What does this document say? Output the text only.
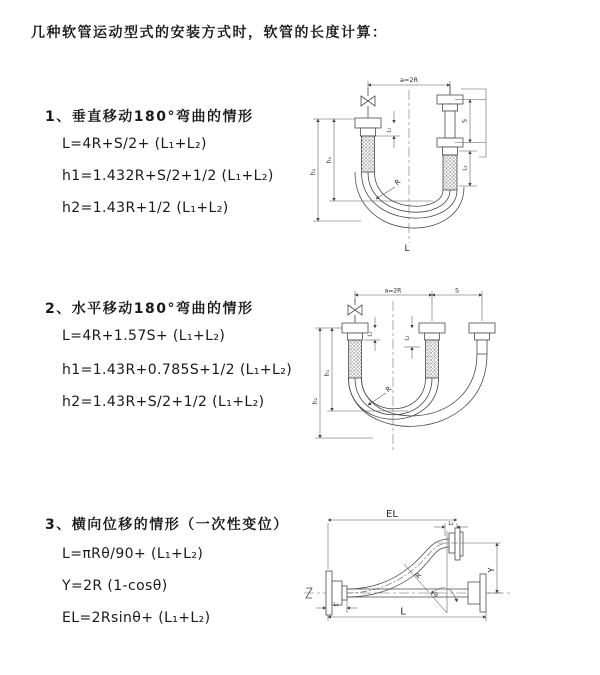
几种软管运动型式的安装方式时，软管的长度计算：
1、垂直移动180°弯曲的情形
L=4R+S/2+ (L₁+L₂)
h1=1.432R+S/2+1/2 (L₁+L₂)
h2=1.43R+1/2 (L₁+L₂)
a=2R
S
L₂
h₁
h₂
L₁
R
L
2、水平移动180°弯曲的情形
L=4R+1.57S+ (L₁+L₂)
h1=1.43R+0.785S+1/2 (L₁+L₂)
h2=1.43R+S/2+1/2 (L₁+L₂)
a=2R	S
h₁
h₂
L₁
L₂
R
3、横向位移的情形（一次性变位）
L=πRθ/90+ (L₁+L₂)
Y=2R (1-cosθ)
EL=2Rsinθ+ (L₁+L₂)
θ
R
EL
L₂
Y
L₁
L
